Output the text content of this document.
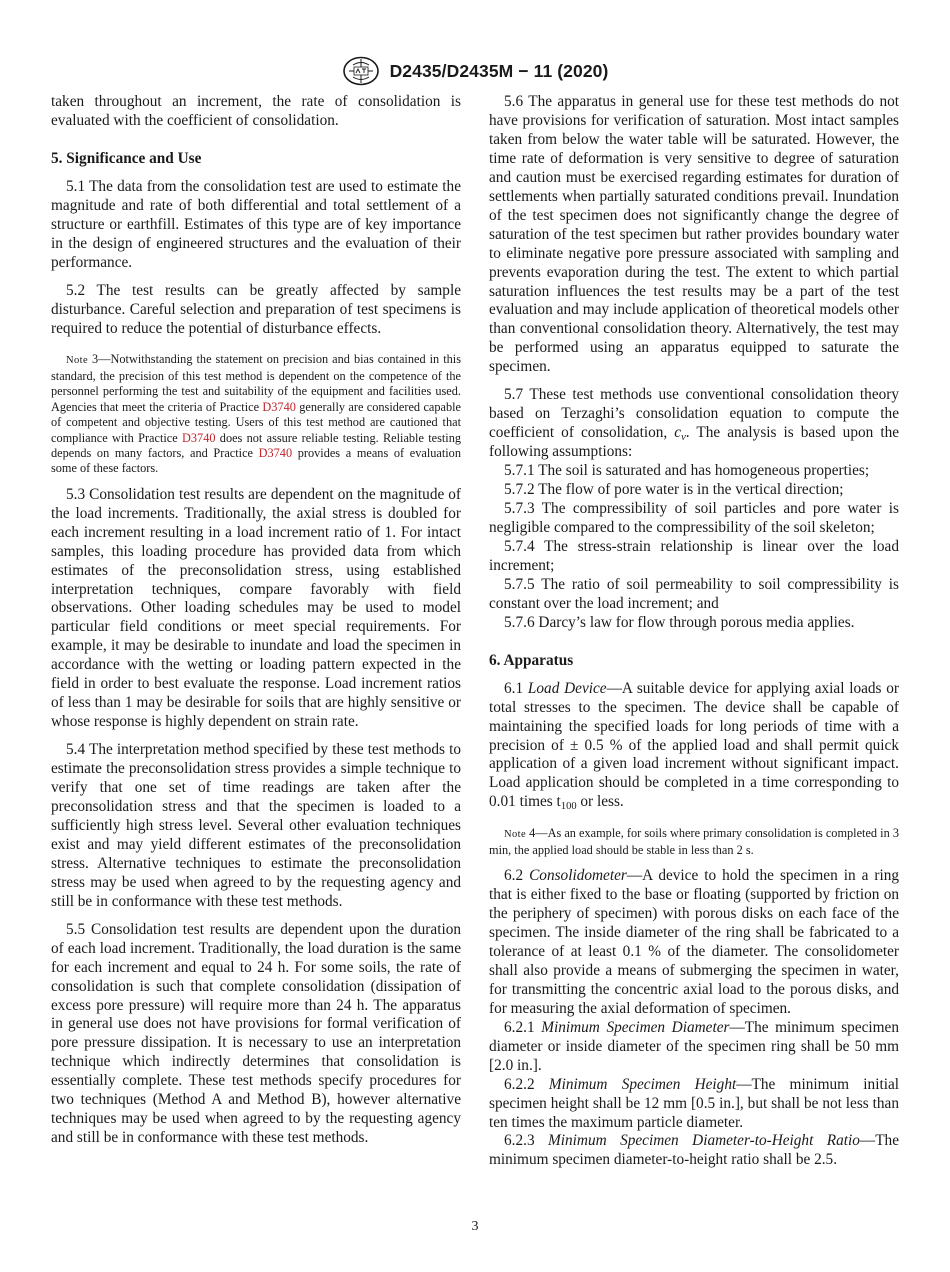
D2435/D2435M − 11 (2020)

taken throughout an increment, the rate of consolidation is evaluated with the coefficient of consolidation.

5. Significance and Use

5.1 The data from the consolidation test are used to estimate the magnitude and rate of both differential and total settlement of a structure or earthfill. Estimates of this type are of key importance in the design of engineered structures and the evaluation of their performance.

5.2 The test results can be greatly affected by sample disturbance. Careful selection and preparation of test specimens is required to reduce the potential of disturbance effects.

Note 3—Notwithstanding the statement on precision and bias contained in this standard, the precision of this test method is dependent on the competence of the personnel performing the test and suitability of the equipment and facilities used. Agencies that meet the criteria of Practice D3740 generally are considered capable of competent and objective testing. Users of this test method are cautioned that compliance with Practice D3740 does not assure reliable testing. Reliable testing depends on many factors, and Practice D3740 provides a means of evaluation some of these factors.

5.3 Consolidation test results are dependent on the magnitude of the load increments. Traditionally, the axial stress is doubled for each increment resulting in a load increment ratio of 1. For intact samples, this loading procedure has provided data from which estimates of the preconsolidation stress, using established interpretation techniques, compare favorably with field observations. Other loading schedules may be used to model particular field conditions or meet special requirements. For example, it may be desirable to inundate and load the specimen in accordance with the wetting or loading pattern expected in the field in order to best evaluate the response. Load increment ratios of less than 1 may be desirable for soils that are highly sensitive or whose response is highly dependent on strain rate.

5.4 The interpretation method specified by these test methods to estimate the preconsolidation stress provides a simple technique to verify that one set of time readings are taken after the preconsolidation stress and that the specimen is loaded to a sufficiently high stress level. Several other evaluation techniques exist and may yield different estimates of the preconsolidation stress. Alternative techniques to estimate the preconsolidation stress may be used when agreed to by the requesting agency and still be in conformance with these test methods.

5.5 Consolidation test results are dependent upon the duration of each load increment. Traditionally, the load duration is the same for each increment and equal to 24 h. For some soils, the rate of consolidation is such that complete consolidation (dissipation of excess pore pressure) will require more than 24 h. The apparatus in general use does not have provisions for formal verification of pore pressure dissipation. It is necessary to use an interpretation technique which indirectly determines that consolidation is essentially complete. These test methods specify procedures for two techniques (Method A and Method B), however alternative techniques may be used when agreed to by the requesting agency and still be in conformance with these test methods.

5.6 The apparatus in general use for these test methods do not have provisions for verification of saturation. Most intact samples taken from below the water table will be saturated. However, the time rate of deformation is very sensitive to degree of saturation and caution must be exercised regarding estimates for duration of settlements when partially saturated conditions prevail. Inundation of the test specimen does not significantly change the degree of saturation of the test specimen but rather provides boundary water to eliminate negative pore pressure associated with sampling and prevents evaporation during the test. The extent to which partial saturation influences the test results may be a part of the test evaluation and may include application of theoretical models other than conventional consolidation theory. Alternatively, the test may be performed using an apparatus equipped to saturate the specimen.

5.7 These test methods use conventional consolidation theory based on Terzaghi’s consolidation equation to compute the coefficient of consolidation, $c_v$. The analysis is based upon the following assumptions:

5.7.1 The soil is saturated and has homogeneous properties;

5.7.2 The flow of pore water is in the vertical direction;

5.7.3 The compressibility of soil particles and pore water is negligible compared to the compressibility of the soil skeleton;

5.7.4 The stress-strain relationship is linear over the load increment;

5.7.5 The ratio of soil permeability to soil compressibility is constant over the load increment; and

5.7.6 Darcy’s law for flow through porous media applies.

6. Apparatus

6.1 Load Device—A suitable device for applying axial loads or total stresses to the specimen. The device shall be capable of maintaining the specified loads for long periods of time with a precision of ± 0.5 % of the applied load and shall permit quick application of a given load increment without significant impact. Load application should be completed in a time corresponding to 0.01 times $t_{100}$ or less.

Note 4—As an example, for soils where primary consolidation is completed in 3 min, the applied load should be stable in less than 2 s.

6.2 Consolidometer—A device to hold the specimen in a ring that is either fixed to the base or floating (supported by friction on the periphery of specimen) with porous disks on each face of the specimen. The inside diameter of the ring shall be fabricated to a tolerance of at least 0.1 % of the diameter. The consolidometer shall also provide a means of submerging the specimen in water, for transmitting the concentric axial load to the porous disks, and for measuring the axial deformation of specimen.

6.2.1 Minimum Specimen Diameter—The minimum specimen diameter or inside diameter of the specimen ring shall be 50 mm [2.0 in.].

6.2.2 Minimum Specimen Height—The minimum initial specimen height shall be 12 mm [0.5 in.], but shall be not less than ten times the maximum particle diameter.

6.2.3 Minimum Specimen Diameter-to-Height Ratio—The minimum specimen diameter-to-height ratio shall be 2.5.

3
